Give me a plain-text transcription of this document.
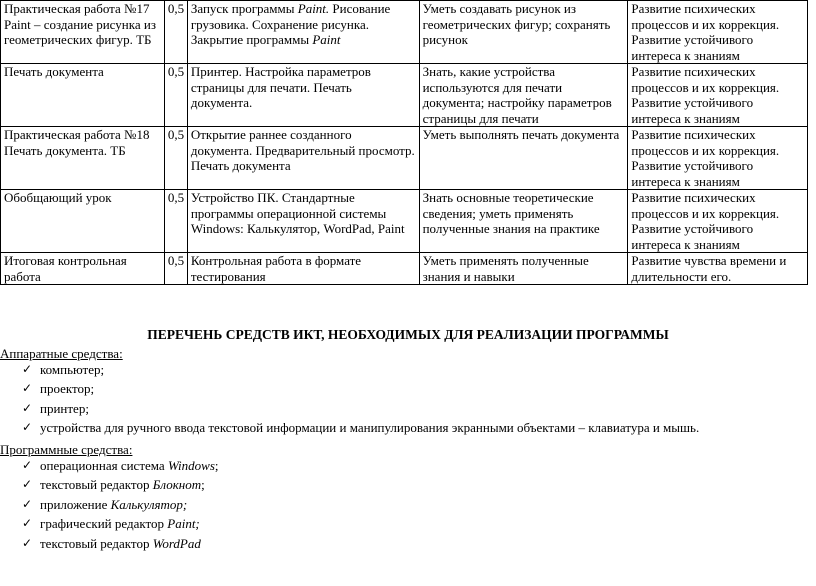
Практическая работа №17 Paint – создание рисунка из геометрических фигур. ТБ	0,5	Запуск программы Paint. Рисование грузовика. Сохранение рисунка. Закрытие программы Paint	Уметь создавать рисунок из геометрических фигур; сохранять рисунок	Развитие психических процессов и их коррекция. Развитие устойчивого интереса к знаниям
Печать документа	0,5	Принтер. Настройка параметров страницы для печати. Печать документа.	Знать, какие устройства используются для печати документа; настройку параметров страницы для печати	Развитие психических процессов и их коррекция. Развитие устойчивого интереса к знаниям
Практическая работа №18 Печать документа. ТБ	0,5	Открытие раннее созданного документа. Предварительный просмотр. Печать документа	Уметь выполнять печать документа	Развитие психических процессов и их коррекция. Развитие устойчивого интереса к знаниям
Обобщающий урок	0,5	Устройство ПК. Стандартные программы операционной системы Windows: Калькулятор, WordPad, Paint	Знать основные теоретические сведения; уметь применять полученные знания на практике	Развитие психических процессов и их коррекция. Развитие устойчивого интереса к знаниям
Итоговая контрольная работа	0,5	Контрольная работа в формате тестирования	Уметь применять полученные знания и навыки	Развитие чувства времени и длительности его.
ПЕРЕЧЕНЬ СРЕДСТВ ИКТ, НЕОБХОДИМЫХ ДЛЯ РЕАЛИЗАЦИИ ПРОГРАММЫ
Аппаратные средства:
✓ компьютер;
✓ проектор;
✓ принтер;
✓ устройства для ручного ввода текстовой информации и манипулирования экранными объектами – клавиатура и мышь.
Программные средства:
✓ операционная система Windows;
✓ текстовый редактор Блокнот;
✓ приложение Калькулятор;
✓ графический редактор Paint;
✓ текстовый редактор WordPad
